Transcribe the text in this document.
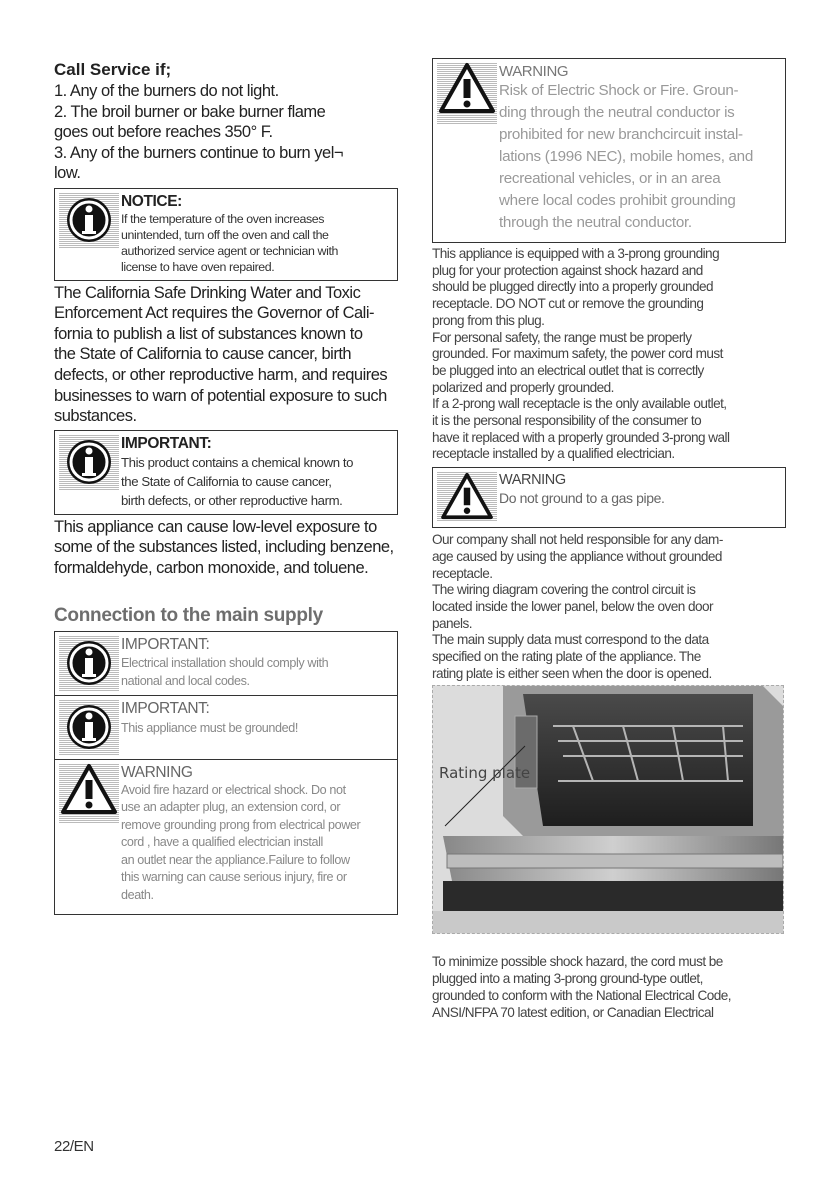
Call Service if;
1. Any of the burners do not light.
2. The broil burner or bake burner flame
goes out before reaches 350° F.
3. Any of the burners continue to burn yel¬
low.
NOTICE:
If the temperature of the oven increases
unintended, turn off the oven and call the
authorized service agent or technician with
license to have oven repaired.
The California Safe Drinking Water and Toxic
Enforcement Act requires the Governor of Cali-
fornia to publish a list of substances known to
the State of California to cause cancer, birth
defects, or other reproductive harm, and requires
businesses to warn of potential exposure to such
substances.
IMPORTANT:
This product contains a chemical known to
the State of California to cause cancer,
birth defects, or other reproductive harm.
This appliance can cause low-level exposure to
some of the substances listed, including benzene,
formaldehyde, carbon monoxide, and toluene.
Connection to the main supply
IMPORTANT:
Electrical installation should comply with
national and local codes.
IMPORTANT:
This appliance must be grounded!
WARNING
Avoid fire hazard or electrical shock. Do not
use an adapter plug, an extension cord, or
remove grounding prong from electrical power
cord , have a qualified electrician install
an outlet near the appliance.Failure to follow
this warning can cause serious injury, fire or
death.
WARNING
Risk of Electric Shock or Fire. Groun-
ding through the neutral conductor is
prohibited for new branchcircuit instal-
lations (1996 NEC), mobile homes, and
recreational vehicles, or in an area
where local codes prohibit grounding
through the neutral conductor.

This appliance is equipped with a 3-prong grounding
plug for your protection against shock hazard and
should be plugged directly into a properly grounded
receptacle. DO NOT cut or remove the grounding
prong from this plug.

For personal safety, the range must be properly
grounded. For maximum safety, the power cord must
be plugged into an electrical outlet that is correctly
polarized and properly grounded.

If a 2-prong wall receptacle is the only available outlet,
it is the personal responsibility of the consumer to
have it replaced with a properly grounded 3-prong wall
receptacle installed by a qualified electrician.

WARNING
Do not ground to a gas pipe.

Our company shall not held responsible for any dam-
age caused by using the appliance without grounded
receptacle.

The wiring diagram covering the control circuit is
located inside the lower panel, below the oven door
panels.

The main supply data must correspond to the data
specified on the rating plate of the appliance. The
rating plate is either seen when the door is opened.

Rating plate
To minimize possible shock hazard, the cord must be
plugged into a mating 3-prong ground-type outlet,
grounded to conform with the National Electrical Code,
ANSI/NFPA 70 latest edition, or Canadian Electrical
22/EN
